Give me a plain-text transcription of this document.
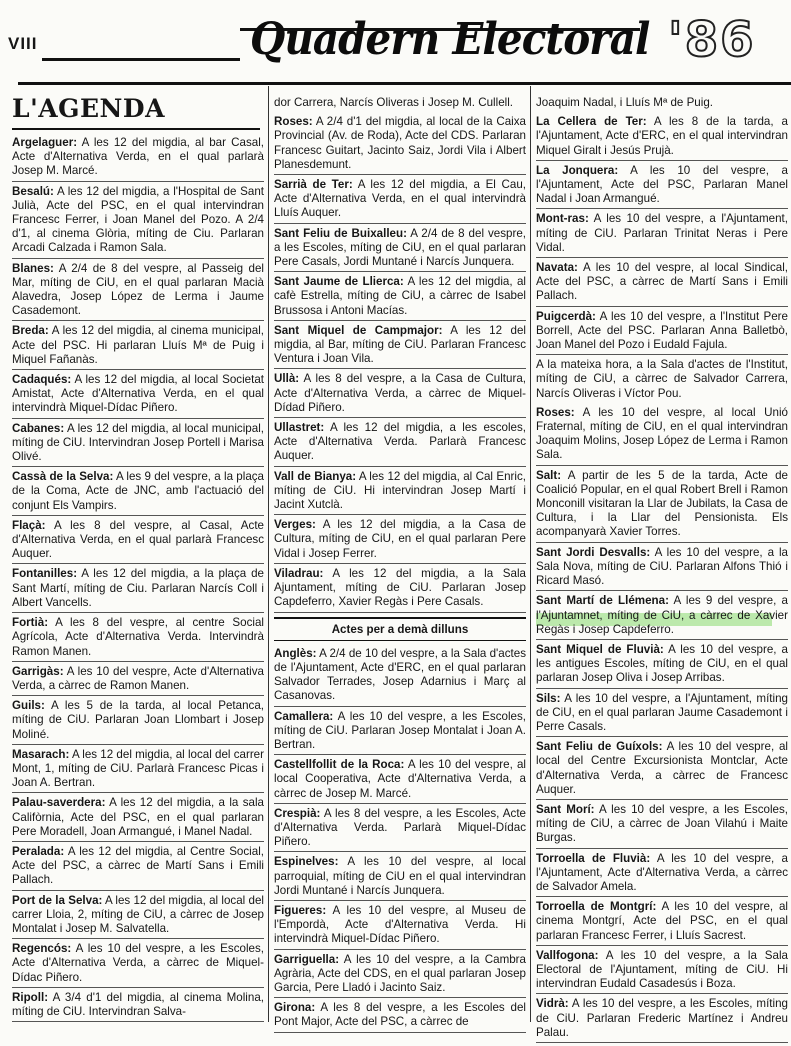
VIII	Quadern Electoral '86
L'AGENDA
Argelaguer: A les 12 del migdia, al bar Casal, Acte d'Alternativa Verda, en el qual parlarà Josep M. Marcé.
Besalú: A les 12 del migdia, a l'Hospital de Sant Julià, Acte del PSC, en el qual intervindran Francesc Ferrer, i Joan Manel del Pozo. A 2/4 d'1, al cinema Glòria, míting de Ciu. Parlaran Arcadi Calzada i Ramon Sala.
Blanes: A 2/4 de 8 del vespre, al Passeig del Mar, míting de CiU, en el qual parlaran Macià Alavedra, Josep López de Lerma i Jaume Casademont.
Breda: A les 12 del migdia, al cinema municipal, Acte del PSC. Hi parlaran Lluís Mª de Puig i Miquel Fañanàs.
Cadaqués: A les 12 del migdia, al local Societat Amistat, Acte d'Alternativa Verda, en el qual intervindrà Miquel-Dídac Piñero.
Cabanes: A les 12 del migdia, al local municipal, míting de CiU. Intervindran Josep Portell i Marisa Olivé.
Cassà de la Selva: A les 9 del vespre, a la plaça de la Coma, Acte de JNC, amb l'actuació del conjunt Els Vampirs.
Flaçà: A les 8 del vespre, al Casal, Acte d'Alternativa Verda, en el qual parlarà Francesc Auquer.
Fontanilles: A les 12 del migdia, a la plaça de Sant Martí, míting de Ciu. Parlaran Narcís Coll i Albert Vancells.
Fortià: A les 8 del vespre, al centre Social Agrícola, Acte d'Alternativa Verda. Intervindrà Ramon Manen.
Garrigàs: A les 10 del vespre, Acte d'Alternativa Verda, a càrrec de Ramon Manen.
Guils: A les 5 de la tarda, al local Petanca, míting de CiU. Parlaran Joan Llombart i Josep Moliné.
Masarach: A les 12 del migdia, al local del carrer Mont, 1, míting de CiU. Parlarà Francesc Picas i Joan A. Bertran.
Palau-saverdera: A les 12 del migdia, a la sala Califòrnia, Acte del PSC, en el qual parlaran Pere Moradell, Joan Armangué, i Manel Nadal.
Peralada: A les 12 del migdia, al Centre Social, Acte del PSC, a càrrec de Martí Sans i Emili Pallach.
Port de la Selva: A les 12 del migdia, al local del carrer Lloia, 2, míting de CiU, a càrrec de Josep Montalat i Josep M. Salvatella.
Regencós: A les 10 del vespre, a les Escoles, Acte d'Alternativa Verda, a càrrec de Miquel-Dídac Piñero.
Ripoll: A 3/4 d'1 del migdia, al cinema Molina, míting de CiU. Intervindran Salva-
dor Carrera, Narcís Oliveras i Josep M. Cullell.
Roses: A 2/4 d'1 del migdia, al local de la Caixa Provincial (Av. de Roda), Acte del CDS. Parlaran Francesc Guitart, Jacinto Saiz, Jordi Vila i Albert Planesdemunt.
Sarrià de Ter: A les 12 del migdia, a El Cau, Acte d'Alternativa Verda, en el qual intervindrà Lluís Auquer.
Sant Feliu de Buixalleu: A 2/4 de 8 del vespre, a les Escoles, míting de CiU, en el qual parlaran Pere Casals, Jordi Muntané i Narcís Junquera.
Sant Jaume de Llierca: A les 12 del migdia, al cafè Estrella, míting de CiU, a càrrec de Isabel Brussosa i Antoni Macías.
Sant Miquel de Campmajor: A les 12 del migdia, al Bar, míting de CiU. Parlaran Francesc Ventura i Joan Vila.
Ullà: A les 8 del vespre, a la Casa de Cultura, Acte d'Alternativa Verda, a càrrec de Miquel-Dídad Piñero.
Ullastret: A les 12 del migdia, a les escoles, Acte d'Alternativa Verda. Parlarà Francesc Auquer.
Vall de Bianya: A les 12 del migdia, al Cal Enric, míting de CiU. Hi intervindran Josep Martí i Jacint Xutclà.
Verges: A les 12 del migdia, a la Casa de Cultura, míting de CiU, en el qual parlaran Pere Vidal i Josep Ferrer.
Viladrau: A les 12 del migdia, a la Sala Ajuntament, míting de CiU. Parlaran Josep Capdeferro, Xavier Regàs i Pere Casals.
Actes per a demà dilluns
Anglès: A 2/4 de 10 del vespre, a la Sala d'actes de l'Ajuntament, Acte d'ERC, en el qual parlaran Salvador Terrades, Josep Adarnius i Març al Casanovas.
Camallera: A les 10 del vespre, a les Escoles, míting de CiU. Parlaran Josep Montalat i Joan A. Bertran.
Castellfollit de la Roca: A les 10 del vespre, al local Cooperativa, Acte d'Alternativa Verda, a càrrec de Josep M. Marcé.
Crespià: A les 8 del vespre, a les Escoles, Acte d'Alternativa Verda. Parlarà Miquel-Dídac Piñero.
Espinelves: A les 10 del vespre, al local parroquial, míting de CiU en el qual intervindran Jordi Muntané i Narcís Junquera.
Figueres: A les 10 del vespre, al Museu de l'Empordà, Acte d'Alternativa Verda. Hi intervindrà Miquel-Dídac Piñero.
Garriguella: A les 10 del vespre, a la Cambra Agrària, Acte del CDS, en el qual parlaran Josep Garcia, Pere Lladó i Jacinto Saiz.
Girona: A les 8 del vespre, a les Escoles del Pont Major, Acte del PSC, a càrrec de
Joaquim Nadal, i Lluís Mª de Puig.
La Cellera de Ter: A les 8 de la tarda, a l'Ajuntament, Acte d'ERC, en el qual intervindran Miquel Giralt i Jesús Prujà.
La Jonquera: A les 10 del vespre, a l'Ajuntament, Acte del PSC, Parlaran Manel Nadal i Joan Armangué.
Mont-ras: A les 10 del vespre, a l'Ajuntament, míting de CiU. Parlaran Trinitat Neras i Pere Vidal.
Navata: A les 10 del vespre, al local Sindical, Acte del PSC, a càrrec de Martí Sans i Emili Pallach.
Puigcerdà: A les 10 del vespre, a l'Institut Pere Borrell, Acte del PSC. Parlaran Anna Balletbò, Joan Manel del Pozo i Eudald Fajula.
A la mateixa hora, a la Sala d'actes de l'Institut, míting de CiU, a càrrec de Salvador Carrera, Narcís Oliveras i Víctor Pou.
Roses: A les 10 del vespre, al local Unió Fraternal, míting de CiU, en el qual intervindran Joaquim Molins, Josep López de Lerma i Ramon Sala.
Salt: A partir de les 5 de la tarda, Acte de Coalició Popular, en el qual Robert Brell i Ramon Monconill visitaran la Llar de Jubilats, la Casa de Cultura, i la Llar del Pensionista. Els acompanyarà Xavier Torres.
Sant Jordi Desvalls: A les 10 del vespre, a la Sala Nova, míting de CiU. Parlaran Alfons Thió i Ricard Masó.
Sant Martí de Llémena: A les 9 del vespre, a l'Ajuntamnet, míting de CiU, a càrrec de Xavier Regàs i Josep Capdeferro.
Sant Miquel de Fluvià: A les 10 del vespre, a les antigues Escoles, míting de CiU, en el qual parlaran Josep Oliva i Josep Arribas.
Sils: A les 10 del vespre, a l'Ajuntament, míting de CiU, en el qual parlaran Jaume Casademont i Perre Casals.
Sant Feliu de Guíxols: A les 10 del vespre, al local del Centre Excursionista Montclar, Acte d'Alternativa Verda, a càrrec de Francesc Auquer.
Sant Morí: A les 10 del vespre, a les Escoles, míting de CiU, a càrrec de Joan Vilahú i Maite Burgas.
Torroella de Fluvià: A les 10 del vespre, a l'Ajuntament, Acte d'Alternativa Verda, a càrrec de Salvador Amela.
Torroella de Montgrí: A les 10 del vespre, al cinema Montgrí, Acte del PSC, en el qual parlaran Francesc Ferrer, i Lluís Sacrest.
Vallfogona: A les 10 del vespre, a la Sala Electoral de l'Ajuntament, míting de CiU. Hi intervindran Eudald Casadesús i Boza.
Vidrà: A les 10 del vespre, a les Escoles, míting de CiU. Parlaran Frederic Martínez i Andreu Palau.
